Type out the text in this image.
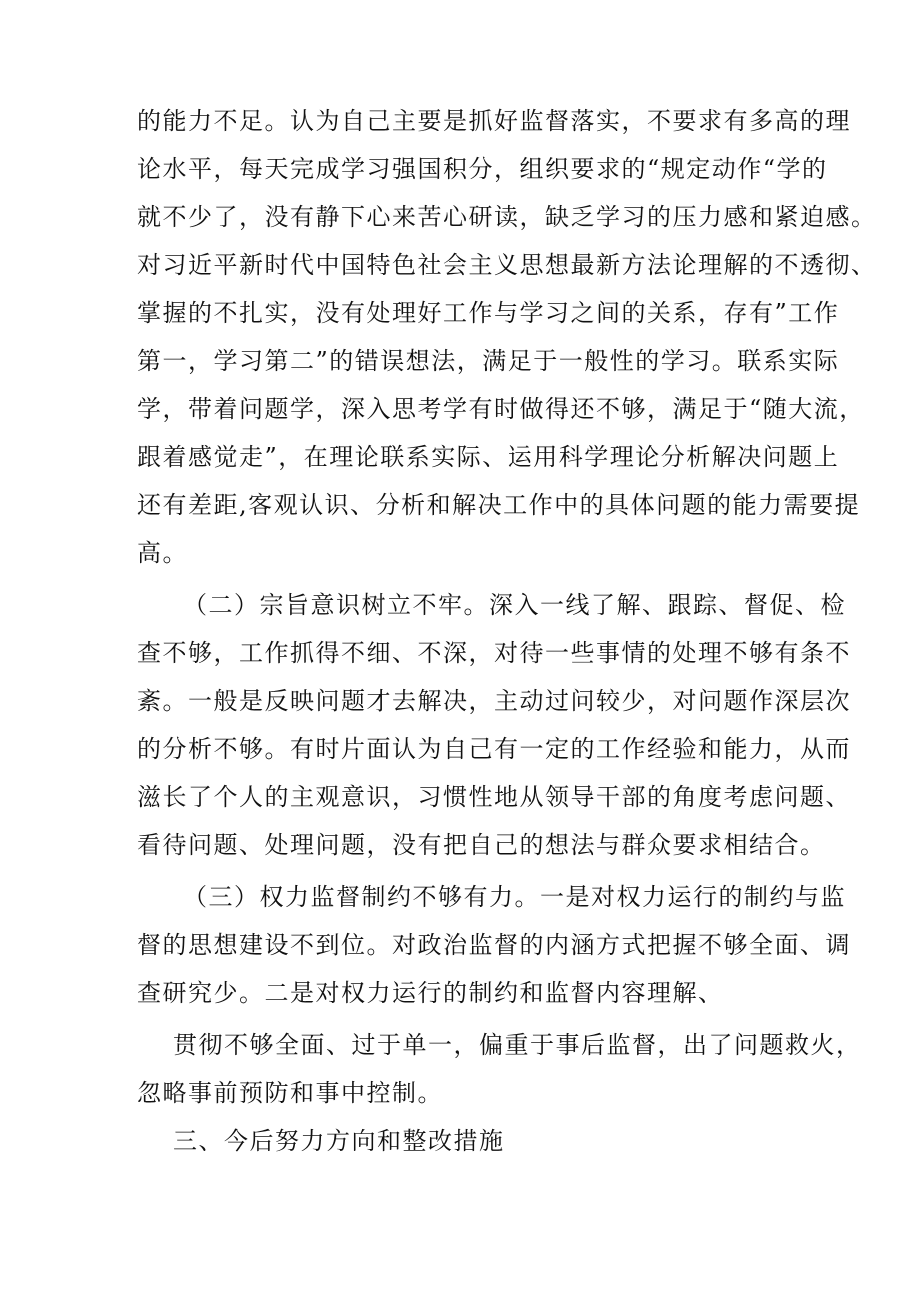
的能力不足。认为自己主要是抓好监督落实，不要求有多高的理
论水平，每天完成学习强国积分，组织要求的“规定动作“学的
就不少了，没有静下心来苦心研读，缺乏学习的压力感和紧迫感。
对习近平新时代中国特色社会主义思想最新方法论理解的不透彻、
掌握的不扎实，没有处理好工作与学习之间的关系，存有”工作
第一，学习第二”的错误想法，满足于一般性的学习。联系实际
学，带着问题学，深入思考学有时做得还不够，满足于“随大流，
跟着感觉走”，在理论联系实际、运用科学理论分析解决问题上
还有差距,客观认识、分析和解决工作中的具体问题的能力需要提
高。
（二）宗旨意识树立不牢。深入一线了解、跟踪、督促、检
查不够，工作抓得不细、不深，对待一些事情的处理不够有条不
紊。一般是反映问题才去解决，主动过问较少，对问题作深层次
的分析不够。有时片面认为自己有一定的工作经验和能力，从而
滋长了个人的主观意识，习惯性地从领导干部的角度考虑问题、
看待问题、处理问题，没有把自己的想法与群众要求相结合。
（三）权力监督制约不够有力。一是对权力运行的制约与监
督的思想建设不到位。对政治监督的内涵方式把握不够全面、调
查研究少。二是对权力运行的制约和监督内容理解、
贯彻不够全面、过于单一，偏重于事后监督，出了问题救火，
忽略事前预防和事中控制。
三、今后努力方向和整改措施
